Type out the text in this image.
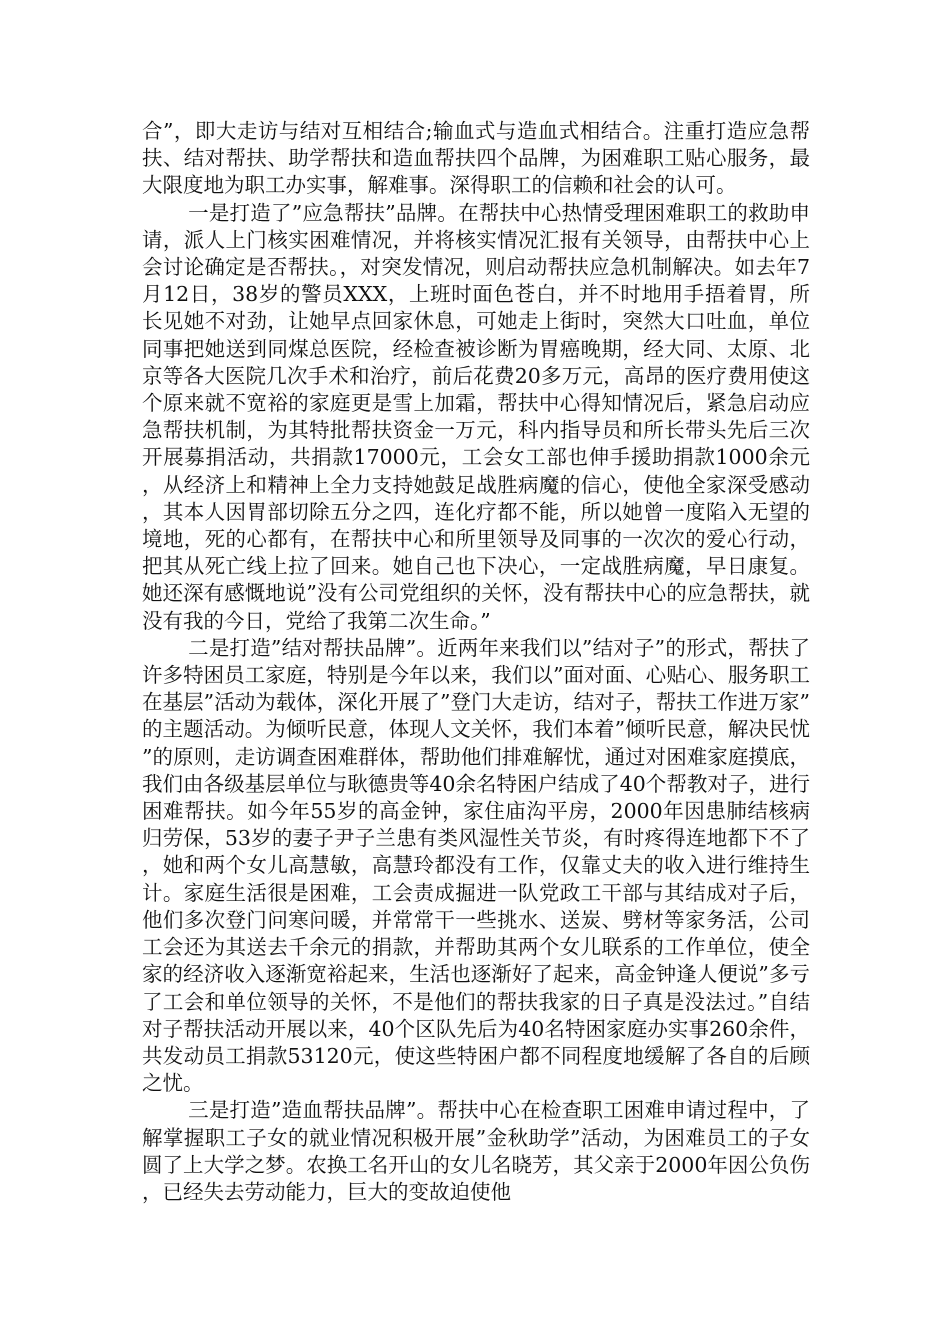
合”，即大走访与结对互相结合;输血式与造血式相结合。注重打造应急帮扶、结对帮扶、助学帮扶和造血帮扶四个品牌，为困难职工贴心服务，最大限度地为职工办实事，解难事。深得职工的信赖和社会的认可。

一是打造了”应急帮扶”品牌。在帮扶中心热情受理困难职工的救助申请，派人上门核实困难情况，并将核实情况汇报有关领导，由帮扶中心上会讨论确定是否帮扶。，对突发情况，则启动帮扶应急机制解决。如去年7月12日，38岁的警员XXX，上班时面色苍白，并不时地用手捂着胃，所长见她不对劲，让她早点回家休息，可她走上街时，突然大口吐血，单位同事把她送到同煤总医院，经检查被诊断为胃癌晚期，经大同、太原、北京等各大医院几次手术和治疗，前后花费20多万元，高昂的医疗费用使这个原来就不宽裕的家庭更是雪上加霜，帮扶中心得知情况后，紧急启动应急帮扶机制，为其特批帮扶资金一万元，科内指导员和所长带头先后三次开展募捐活动，共捐款17000元，工会女工部也伸手援助捐款1000余元，从经济上和精神上全力支持她鼓足战胜病魔的信心，使他全家深受感动，其本人因胃部切除五分之四，连化疗都不能，所以她曾一度陷入无望的境地，死的心都有，在帮扶中心和所里领导及同事的一次次的爱心行动，把其从死亡线上拉了回来。她自己也下决心，一定战胜病魔，早日康复。她还深有感慨地说”没有公司党组织的关怀，没有帮扶中心的应急帮扶，就没有我的今日，党给了我第二次生命。”

二是打造”结对帮扶品牌”。近两年来我们以”结对子”的形式，帮扶了许多特困员工家庭，特别是今年以来，我们以”面对面、心贴心、服务职工在基层”活动为载体，深化开展了”登门大走访，结对子，帮扶工作进万家”的主题活动。为倾听民意，体现人文关怀，我们本着”倾听民意，解决民忧”的原则，走访调查困难群体，帮助他们排难解忧，通过对困难家庭摸底，我们由各级基层单位与耿德贵等40余名特困户结成了40个帮教对子，进行困难帮扶。如今年55岁的高金钟，家住庙沟平房，2000年因患肺结核病归劳保，53岁的妻子尹子兰患有类风湿性关节炎，有时疼得连地都下不了，她和两个女儿高慧敏，高慧玲都没有工作，仅靠丈夫的收入进行维持生计。家庭生活很是困难，工会责成掘进一队党政工干部与其结成对子后，他们多次登门问寒问暖，并常常干一些挑水、送炭、劈材等家务活，公司工会还为其送去千余元的捐款，并帮助其两个女儿联系的工作单位，使全家的经济收入逐渐宽裕起来，生活也逐渐好了起来，高金钟逢人便说”多亏了工会和单位领导的关怀，不是他们的帮扶我家的日子真是没法过。”自结对子帮扶活动开展以来，40个区队先后为40名特困家庭办实事260余件，共发动员工捐款53120元，使这些特困户都不同程度地缓解了各自的后顾之忧。

三是打造”造血帮扶品牌”。帮扶中心在检查职工困难申请过程中，了解掌握职工子女的就业情况积极开展”金秋助学”活动，为困难员工的子女圆了上大学之梦。农换工名开山的女儿名晓芳，其父亲于2000年因公负伤，已经失去劳动能力，巨大的变故迫使他
